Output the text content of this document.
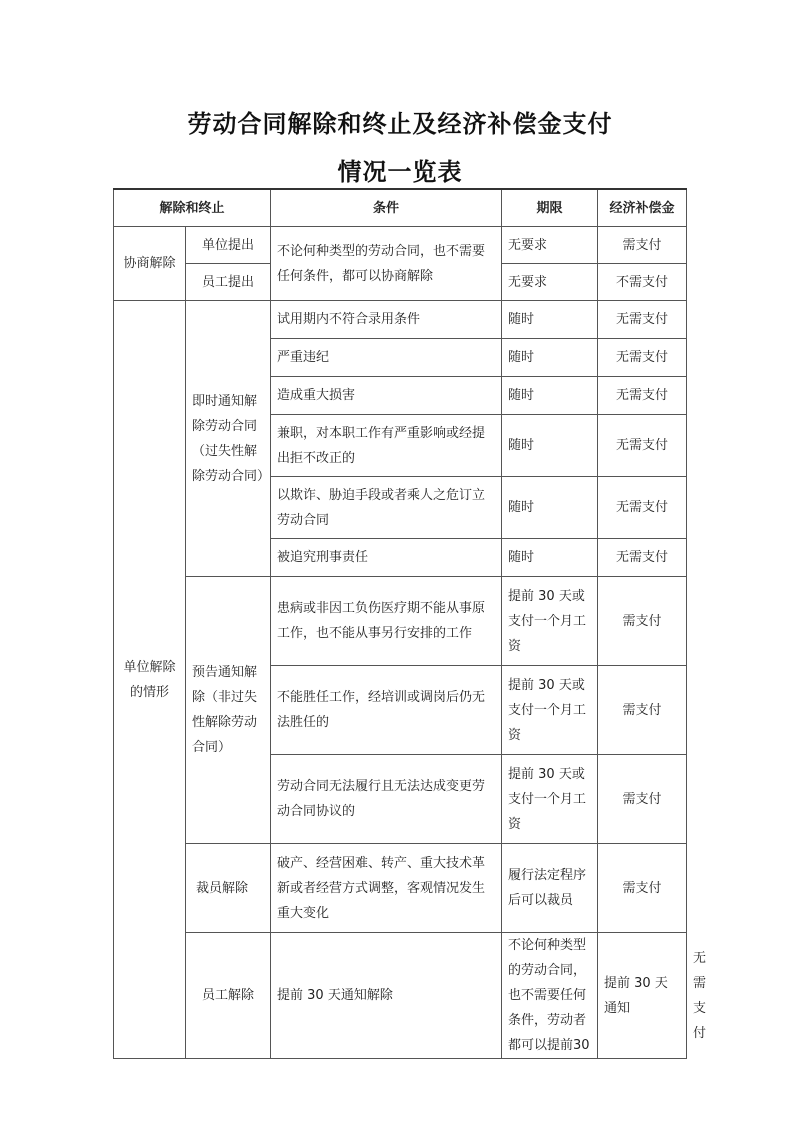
劳动合同解除和终止及经济补偿金支付
情况一览表
解除和终止		条件	期限	经济补偿金	
协商解除	单位提出	不论何种类型的劳动合同，也不需要任何条件，都可以协商解除	无要求	需支付	
	员工提出		无要求	不需支付	
单位解除的情形	即时通知解除劳动合同（过失性解除劳动合同）	试用期内不符合录用条件	随时	无需支付	
		严重违纪	随时	无需支付	
		造成重大损害	随时	无需支付	
		兼职，对本职工作有严重影响或经提出拒不改正的	随时	无需支付	
		以欺诈、胁迫手段或者乘人之危订立劳动合同	随时	无需支付	
		被追究刑事责任	随时	无需支付	
	预告通知解除（非过失性解除劳动合同）	患病或非因工负伤医疗期不能从事原工作，也不能从事另行安排的工作	提前 30 天或支付一个月工资	需支付	
		不能胜任工作，经培训或调岗后仍无法胜任的	提前 30 天或支付一个月工资	需支付	
		劳动合同无法履行且无法达成变更劳动合同协议的	提前 30 天或支付一个月工资	需支付	
	裁员解除	破产、经营困难、转产、重大技术革新或者经营方式调整，客观情况发生重大变化	履行法定程序后可以裁员	需支付	
	员工解除	提前 30 天通知解除	不论何种类型的劳动合同，也不需要任何条件，劳动者都可以提前30	提前 30 天通知	无需支付
